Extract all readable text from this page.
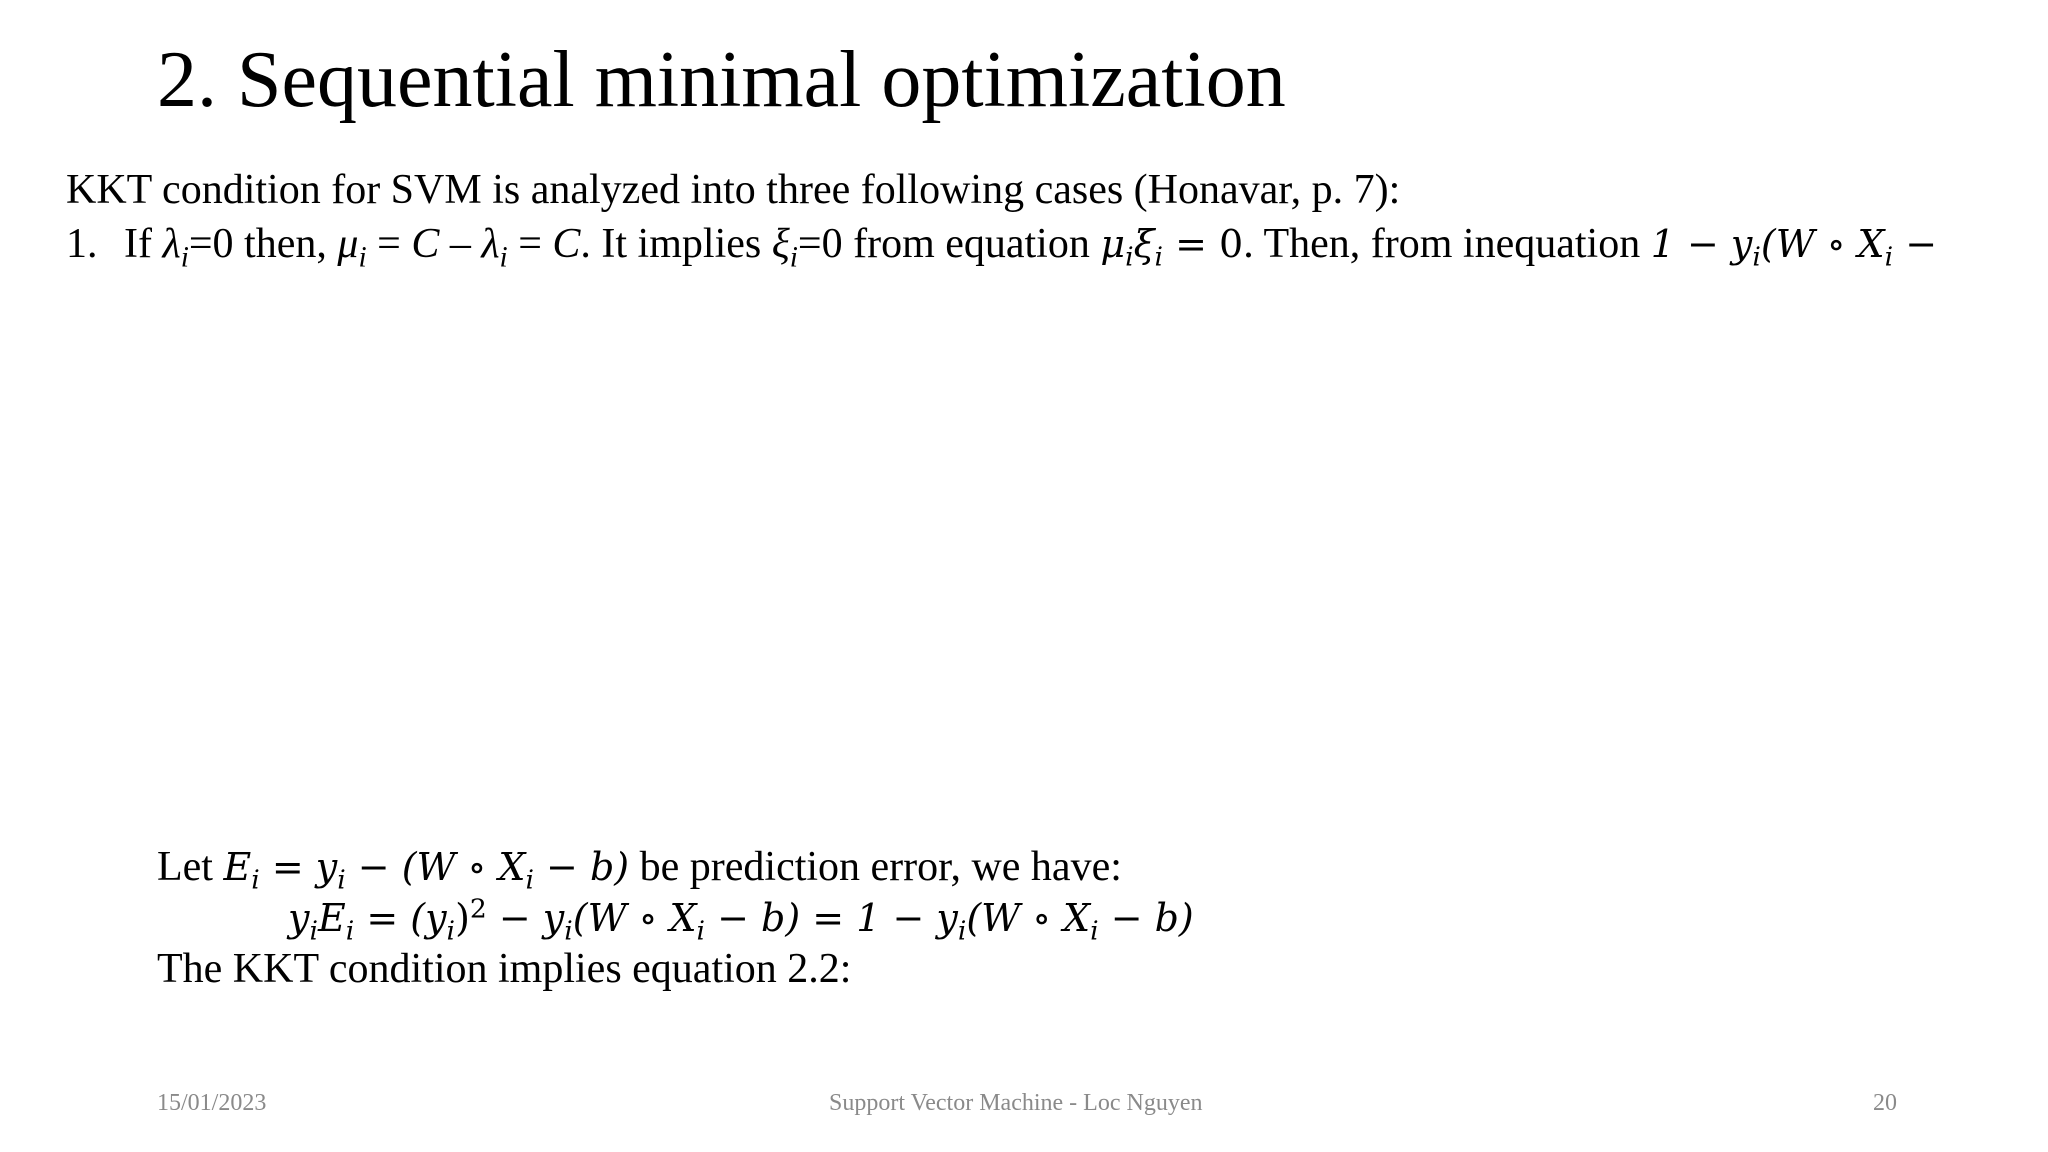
2. Sequential minimal optimization
KKT condition for SVM is analyzed into three following cases (Honavar, p. 7):
1. If $\lambda_i=0$ then, $\mu_i = C - \lambda_i = C$. It implies $\xi_i=0$ from equation $\mu_i\xi_i = 0$. Then, from inequation $1 - y_i(W$ ∘ $X_i$ −
Let $E_i = y_i - (W$ ∘ $X_i - b$) be prediction error, we have:
$y_iE_i = (y_i)^2 - y_i(W$ ∘ $X_i - b) = 1 - y_i(W$ ∘ $X_i - b$)
The KKT condition implies equation 2.2:
15/01/2023	Support Vector Machine - Loc Nguyen	20
